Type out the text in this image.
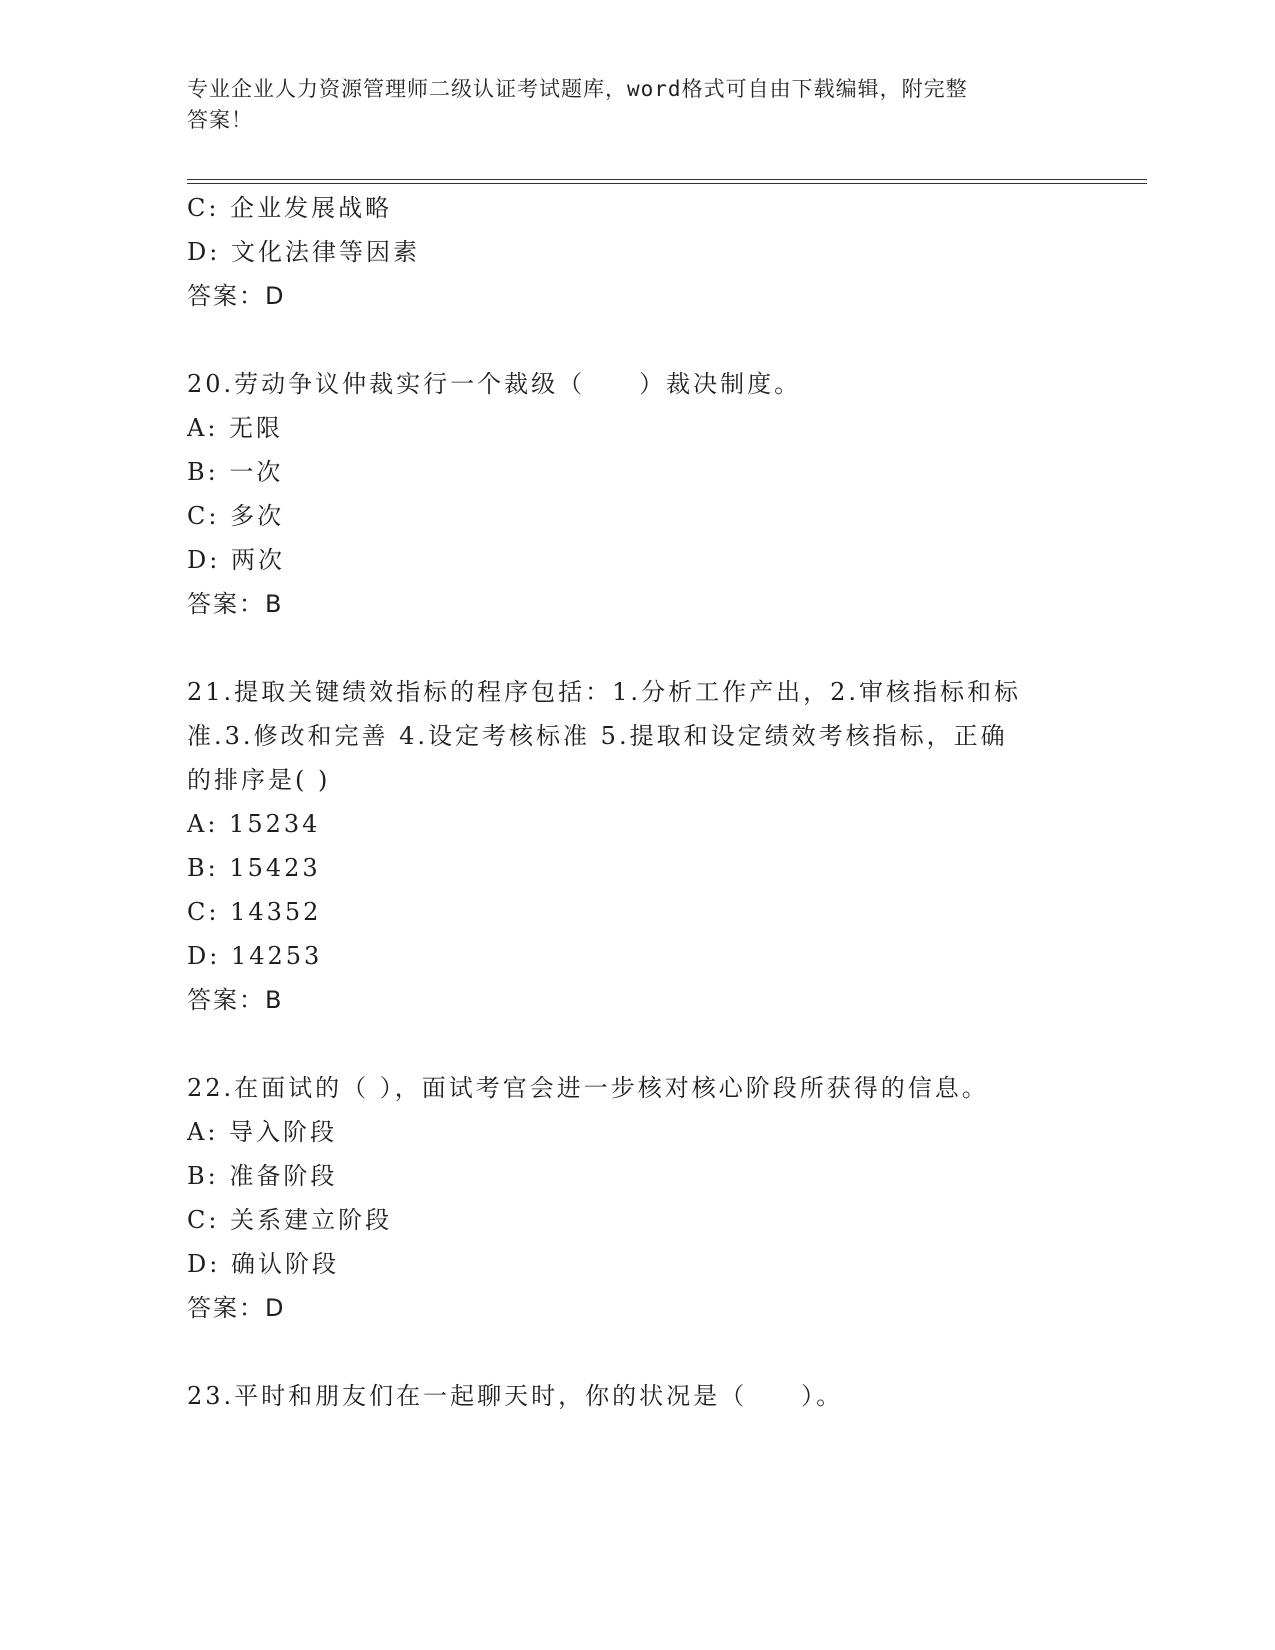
专业企业人力资源管理师二级认证考试题库，word格式可自由下载编辑，附完整
答案！
C: 企业发展战略
D: 文化法律等因素
答案：D
20.劳动争议仲裁实行一个裁级（　　）裁决制度。
A: 无限
B: 一次
C: 多次
D: 两次
答案：B
21.提取关键绩效指标的程序包括：1.分析工作产出，2.审核指标和标
准.3.修改和完善 4.设定考核标准 5.提取和设定绩效考核指标，正确
的排序是( )
A: 15234
B: 15423
C: 14352
D: 14253
答案：B
22.在面试的（ ），面试考官会进一步核对核心阶段所获得的信息。
A: 导入阶段
B: 准备阶段
C: 关系建立阶段
D: 确认阶段
答案：D
23.平时和朋友们在一起聊天时，你的状况是（　　）。
